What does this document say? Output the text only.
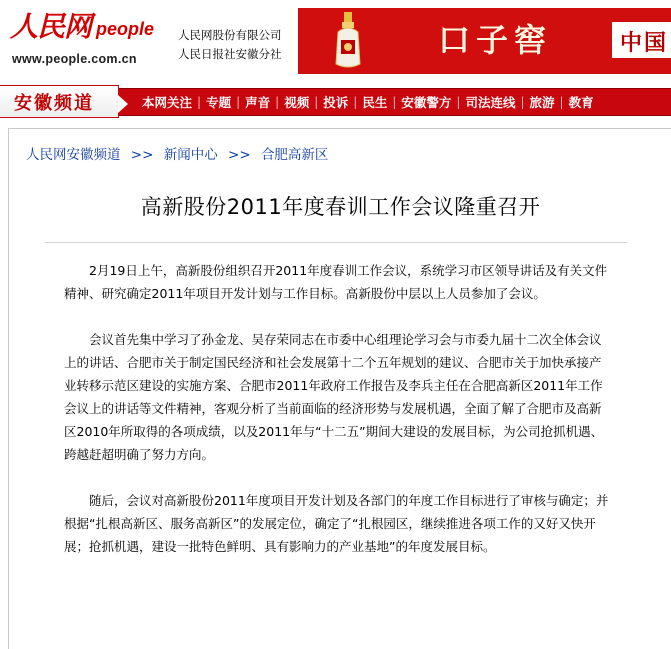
人民网 people
www.people.com.cn
人民网股份有限公司
人民日报社安徽分社	口子窖	中国
安徽频道	本网关注 | 专题 | 声音 | 视频 | 投诉 | 民生 | 安徽警方 | 司法连线 | 旅游 | 教育
人民网安徽频道 >> 新闻中心 >> 合肥高新区
高新股份2011年度春训工作会议隆重召开

2月19日上午，高新股份组织召开2011年度春训工作会议，系统学习市区领导讲话及有关文件精神、研究确定2011年项目开发计划与工作目标。高新股份中层以上人员参加了会议。

会议首先集中学习了孙金龙、吴存荣同志在市委中心组理论学习会与市委九届十二次全体会议上的讲话、合肥市关于制定国民经济和社会发展第十二个五年规划的建议、合肥市关于加快承接产业转移示范区建设的实施方案、合肥市2011年政府工作报告及李兵主任在合肥高新区2011年工作会议上的讲话等文件精神，客观分析了当前面临的经济形势与发展机遇，全面了解了合肥市及高新区2010年所取得的各项成绩，以及2011年与“十二五”期间大建设的发展目标，为公司抢抓机遇、跨越赶超明确了努力方向。

随后，会议对高新股份2011年度项目开发计划及各部门的年度工作目标进行了审核与确定；并根据“扎根高新区、服务高新区”的发展定位，确定了“扎根园区，继续推进各项工作的又好又快开展；抢抓机遇，建设一批特色鲜明、具有影响力的产业基地”的年度发展目标。
